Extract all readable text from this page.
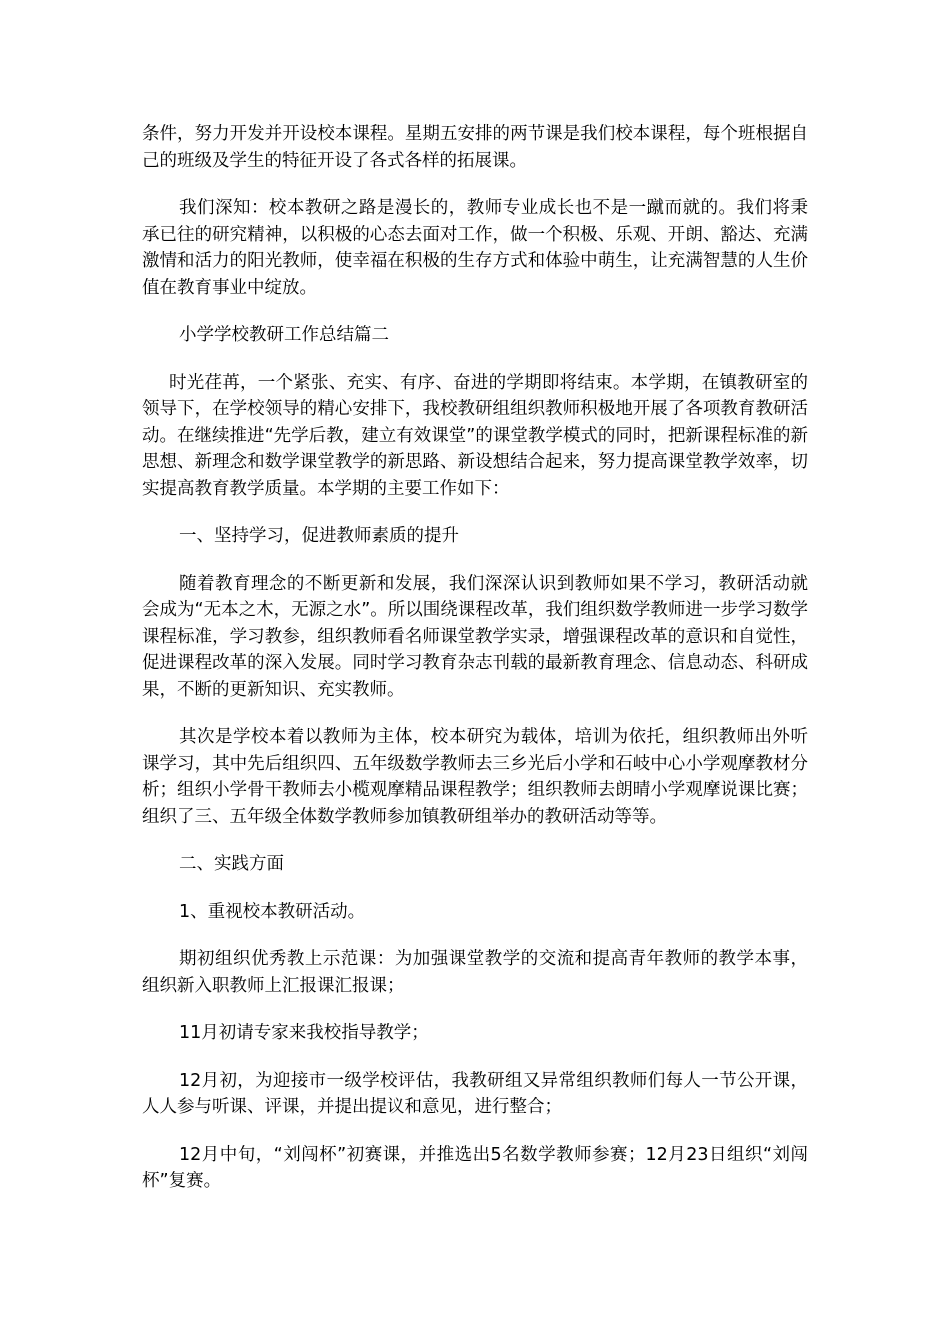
条件，努力开发并开设校本课程。星期五安排的两节课是我们校本课程，每个班根据自己的班级及学生的特征开设了各式各样的拓展课。

我们深知：校本教研之路是漫长的，教师专业成长也不是一蹴而就的。我们将秉承已往的研究精神，以积极的心态去面对工作，做一个积极、乐观、开朗、豁达、充满激情和活力的阳光教师，使幸福在积极的生存方式和体验中萌生，让充满智慧的人生价值在教育事业中绽放。

小学学校教研工作总结篇二

时光荏苒，一个紧张、充实、有序、奋进的学期即将结束。本学期，在镇教研室的领导下，在学校领导的精心安排下，我校教研组组织教师积极地开展了各项教育教研活动。在继续推进“先学后教，建立有效课堂”的课堂教学模式的同时，把新课程标准的新思想、新理念和数学课堂教学的新思路、新设想结合起来，努力提高课堂教学效率，切实提高教育教学质量。本学期的主要工作如下：

一、坚持学习，促进教师素质的提升

随着教育理念的不断更新和发展，我们深深认识到教师如果不学习，教研活动就会成为“无本之木，无源之水”。所以围绕课程改革，我们组织数学教师进一步学习数学课程标准，学习教参，组织教师看名师课堂教学实录，增强课程改革的意识和自觉性，促进课程改革的深入发展。同时学习教育杂志刊载的最新教育理念、信息动态、科研成果，不断的更新知识、充实教师。

其次是学校本着以教师为主体，校本研究为载体，培训为依托，组织教师出外听课学习，其中先后组织四、五年级数学教师去三乡光后小学和石岐中心小学观摩教材分析；组织小学骨干教师去小榄观摩精品课程教学；组织教师去朗晴小学观摩说课比赛；组织了三、五年级全体数学教师参加镇教研组举办的教研活动等等。

二、实践方面

1、重视校本教研活动。

期初组织优秀教上示范课：为加强课堂教学的交流和提高青年教师的教学本事，组织新入职教师上汇报课汇报课；

11月初请专家来我校指导教学；

12月初，为迎接市一级学校评估，我教研组又异常组织教师们每人一节公开课，人人参与听课、评课，并提出提议和意见，进行整合；

12月中旬，“刘闯杯”初赛课，并推选出5名数学教师参赛；12月23日组织“刘闯杯”复赛。
